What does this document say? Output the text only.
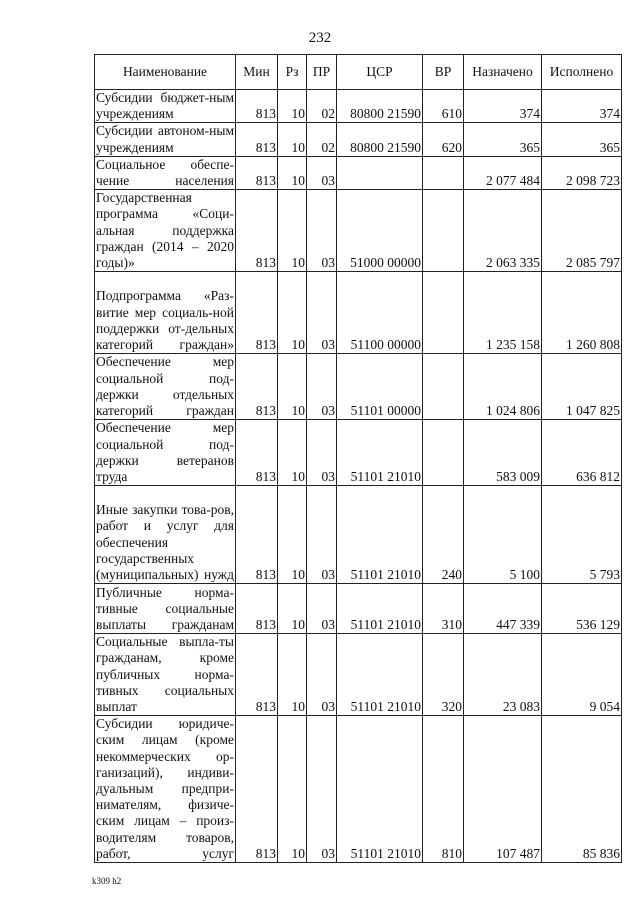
232
Наименование	Мин	Рз	ПР	ЦСР	ВР	Назначено	Исполнено
Субсидии бюджет-ным учреждениям	813	10	02	80800 21590	610	374	374
Субсидии автоном-ным учреждениям	813	10	02	80800 21590	620	365	365
Социальное обеспе-чение населения	813	10	03			2 077 484	2 098 723
Государственная программа «Соци-альная поддержка граждан (2014 – 2020 годы)»	813	10	03	51000 00000		2 063 335	2 085 797
Подпрограмма «Раз-витие мер социаль-ной поддержки от-дельных категорий граждан»	813	10	03	51100 00000		1 235 158	1 260 808
Обеспечение мер социальной под-держки отдельных категорий граждан	813	10	03	51101 00000		1 024 806	1 047 825
Обеспечение мер социальной под-держки ветеранов труда	813	10	03	51101 21010		583 009	636 812
Иные закупки това-ров, работ и услуг для обеспечения государственных (муниципальных) нужд	813	10	03	51101 21010	240	5 100	5 793
Публичные норма-тивные социальные выплаты гражданам	813	10	03	51101 21010	310	447 339	536 129
Социальные выпла-ты гражданам, кроме публичных норма-тивных социальных выплат	813	10	03	51101 21010	320	23 083	9 054
Субсидии юридиче-ским лицам (кроме некоммерческих ор-ганизаций), индиви-дуальным предпри-нимателям, физиче-ским лицам – произ-водителям товаров, работ, услуг	813	10	03	51101 21010	810	107 487	85 836
k309 h2
